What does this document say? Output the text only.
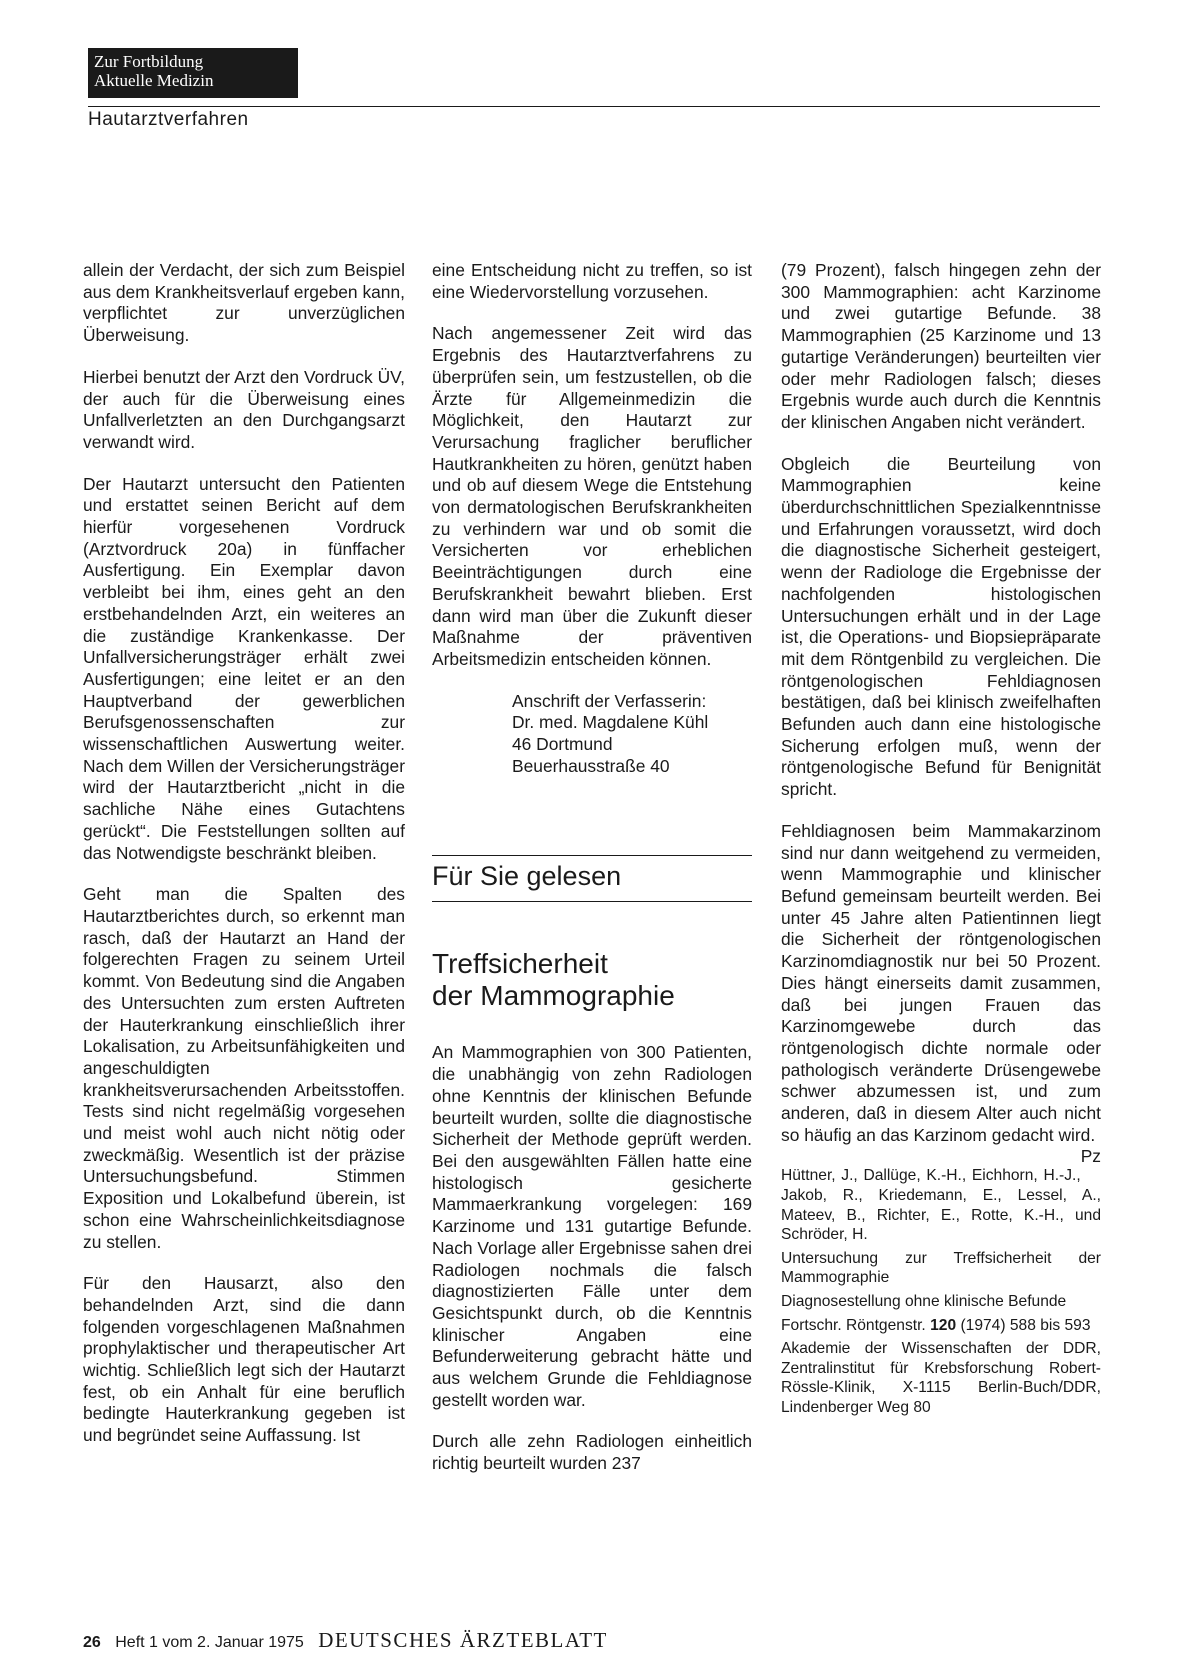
Zur Fortbildung
Aktuelle Medizin
Hautarztverfahren

allein der Verdacht, der sich zum Beispiel aus dem Krankheitsverlauf ergeben kann, verpflichtet zur unverzüglichen Überweisung.

Hierbei benutzt der Arzt den Vordruck ÜV, der auch für die Überweisung eines Unfallverletzten an den Durchgangsarzt verwandt wird.

Der Hautarzt untersucht den Patienten und erstattet seinen Bericht auf dem hierfür vorgesehenen Vordruck (Arztvordruck 20a) in fünffacher Ausfertigung. Ein Exemplar davon verbleibt bei ihm, eines geht an den erstbehandelnden Arzt, ein weiteres an die zuständige Krankenkasse. Der Unfallversicherungsträger erhält zwei Ausfertigungen; eine leitet er an den Hauptverband der gewerblichen Berufsgenossenschaften zur wissenschaftlichen Auswertung weiter. Nach dem Willen der Versicherungsträger wird der Hautarztbericht „nicht in die sachliche Nähe eines Gutachtens gerückt“. Die Feststellungen sollten auf das Notwendigste beschränkt bleiben.

Geht man die Spalten des Hautarztberichtes durch, so erkennt man rasch, daß der Hautarzt an Hand der folgerechten Fragen zu seinem Urteil kommt. Von Bedeutung sind die Angaben des Untersuchten zum ersten Auftreten der Hauterkrankung einschließlich ihrer Lokalisation, zu Arbeitsunfähigkeiten und angeschuldigten krankheitsverursachenden Arbeitsstoffen. Tests sind nicht regelmäßig vorgesehen und meist wohl auch nicht nötig oder zweckmäßig. Wesentlich ist der präzise Untersuchungsbefund. Stimmen Exposition und Lokalbefund überein, ist schon eine Wahrscheinlichkeitsdiagnose zu stellen.

Für den Hausarzt, also den behandelnden Arzt, sind die dann folgenden vorgeschlagenen Maßnahmen prophylaktischer und therapeutischer Art wichtig. Schließlich legt sich der Hautarzt fest, ob ein Anhalt für eine beruflich bedingte Hauterkrankung gegeben ist und begründet seine Auffassung. Ist

eine Entscheidung nicht zu treffen, so ist eine Wiedervorstellung vorzusehen.

Nach angemessener Zeit wird das Ergebnis des Hautarztverfahrens zu überprüfen sein, um festzustellen, ob die Ärzte für Allgemeinmedizin die Möglichkeit, den Hautarzt zur Verursachung fraglicher beruflicher Hautkrankheiten zu hören, genützt haben und ob auf diesem Wege die Entstehung von dermatologischen Berufskrankheiten zu verhindern war und ob somit die Versicherten vor erheblichen Beeinträchtigungen durch eine Berufskrankheit bewahrt blieben. Erst dann wird man über die Zukunft dieser Maßnahme der präventiven Arbeitsmedizin entscheiden können.

Anschrift der Verfasserin:
Dr. med. Magdalene Kühl
46 Dortmund
Beuerhausstraße 40
Für Sie gelesen
Treffsicherheit
der Mammographie

An Mammographien von 300 Patienten, die unabhängig von zehn Radiologen ohne Kenntnis der klinischen Befunde beurteilt wurden, sollte die diagnostische Sicherheit der Methode geprüft werden. Bei den ausgewählten Fällen hatte eine histologisch gesicherte Mammaerkrankung vorgelegen: 169 Karzinome und 131 gutartige Befunde. Nach Vorlage aller Ergebnisse sahen drei Radiologen nochmals die falsch diagnostizierten Fälle unter dem Gesichtspunkt durch, ob die Kenntnis klinischer Angaben eine Befunderweiterung gebracht hätte und aus welchem Grunde die Fehldiagnose gestellt worden war.

Durch alle zehn Radiologen einheitlich richtig beurteilt wurden 237

(79 Prozent), falsch hingegen zehn der 300 Mammographien: acht Karzinome und zwei gutartige Befunde. 38 Mammographien (25 Karzinome und 13 gutartige Veränderungen) beurteilten vier oder mehr Radiologen falsch; dieses Ergebnis wurde auch durch die Kenntnis der klinischen Angaben nicht verändert.

Obgleich die Beurteilung von Mammographien keine überdurchschnittlichen Spezialkenntnisse und Erfahrungen voraussetzt, wird doch die diagnostische Sicherheit gesteigert, wenn der Radiologe die Ergebnisse der nachfolgenden histologischen Untersuchungen erhält und in der Lage ist, die Operations- und Biopsiepräparate mit dem Röntgenbild zu vergleichen. Die röntgenologischen Fehldiagnosen bestätigen, daß bei klinisch zweifelhaften Befunden auch dann eine histologische Sicherung erfolgen muß, wenn der röntgenologische Befund für Benignität spricht.

Fehldiagnosen beim Mammakarzinom sind nur dann weitgehend zu vermeiden, wenn Mammographie und klinischer Befund gemeinsam beurteilt werden. Bei unter 45 Jahre alten Patientinnen liegt die Sicherheit der röntgenologischen Karzinomdiagnostik nur bei 50 Prozent. Dies hängt einerseits damit zusammen, daß bei jungen Frauen das Karzinomgewebe durch das röntgenologisch dichte normale oder pathologisch veränderte Drüsengewebe schwer abzumessen ist, und zum anderen, daß in diesem Alter auch nicht so häufig an das Karzinom gedacht wird.
Pz

Hüttner, J., Dallüge, K.-H., Eichhorn, H.-J., Jakob, R., Kriedemann, E., Lessel, A., Mateev, B., Richter, E., Rotte, K.-H., und Schröder, H.

Untersuchung zur Treffsicherheit der Mammographie

Diagnosestellung ohne klinische Befunde

Fortschr. Röntgenstr. 120 (1974) 588 bis 593

Akademie der Wissenschaften der DDR, Zentralinstitut für Krebsforschung Robert-Rössle-Klinik, X-1115 Berlin-Buch/DDR, Lindenberger Weg 80

26 Heft 1 vom 2. Januar 1975 DEUTSCHES ÄRZTEBLATT
